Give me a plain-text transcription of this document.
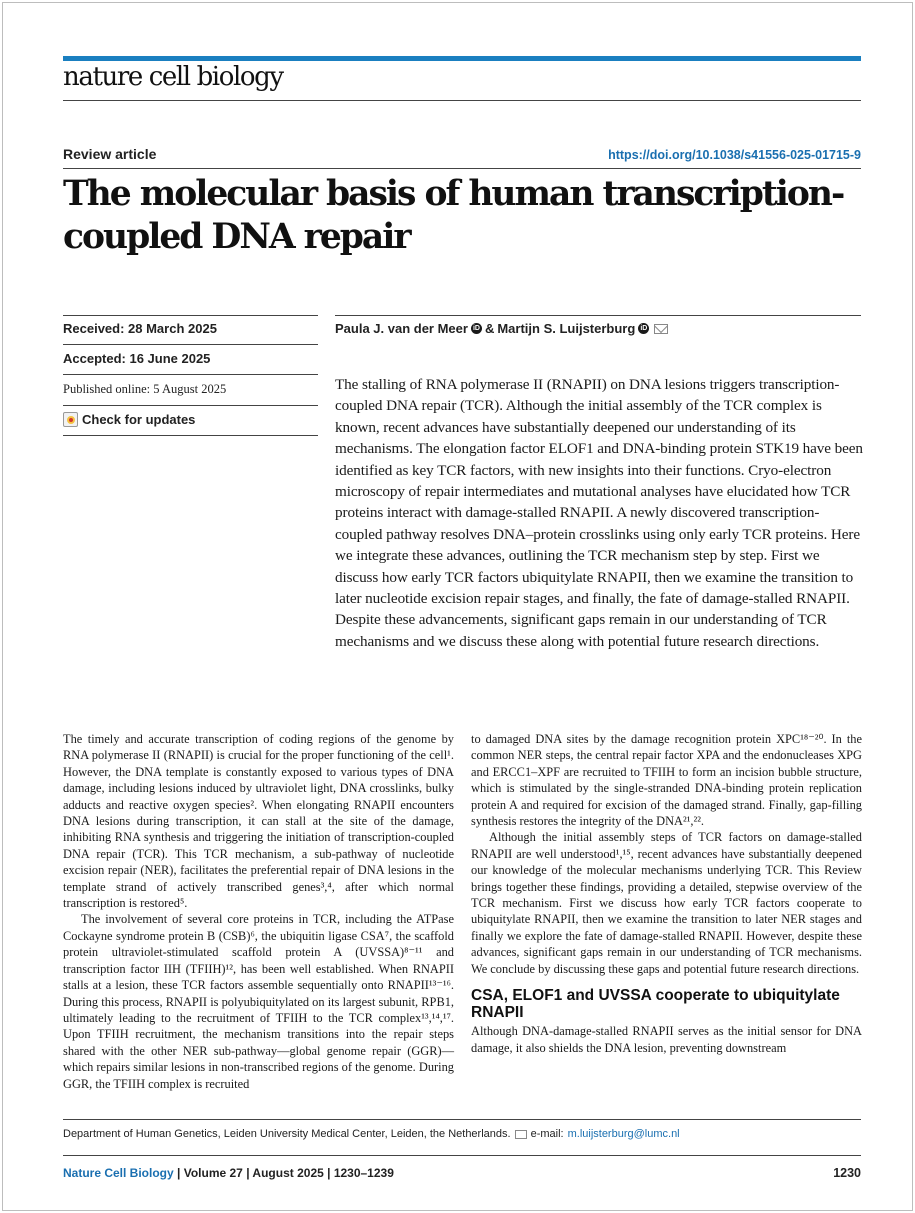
nature cell biology
Review article	https://doi.org/10.1038/s41556-025-01715-9
The molecular basis of human transcription-coupled DNA repair
Received: 28 March 2025
Accepted: 16 June 2025
Published online: 5 August 2025
Check for updates
Paula J. van der Meer iD & Martijn S. Luijsterburg iD
The stalling of RNA polymerase II (RNAPII) on DNA lesions triggers transcription-coupled DNA repair (TCR). Although the initial assembly of the TCR complex is known, recent advances have substantially deepened our understanding of its mechanisms. The elongation factor ELOF1 and DNA-binding protein STK19 have been identified as key TCR factors, with new insights into their functions. Cryo-electron microscopy of repair intermediates and mutational analyses have elucidated how TCR proteins interact with damage-stalled RNAPII. A newly discovered transcription-coupled pathway resolves DNA–protein crosslinks using only early TCR proteins. Here we integrate these advances, outlining the TCR mechanism step by step. First we discuss how early TCR factors ubiquitylate RNAPII, then we examine the transition to later nucleotide excision repair stages, and finally, the fate of damage-stalled RNAPII. Despite these advancements, significant gaps remain in our understanding of TCR mechanisms and we discuss these along with potential future research directions.

The timely and accurate transcription of coding regions of the genome by RNA polymerase II (RNAPII) is crucial for the proper functioning of the cell¹. However, the DNA template is constantly exposed to various types of DNA damage, including lesions induced by ultraviolet light, DNA crosslinks, bulky adducts and reactive oxygen species². When elongating RNAPII encounters DNA lesions during transcription, it can stall at the site of the damage, inhibiting RNA synthesis and triggering the initiation of transcription-coupled DNA repair (TCR). This TCR mechanism, a sub-pathway of nucleotide excision repair (NER), facilitates the preferential repair of DNA lesions in the template strand of actively transcribed genes³,⁴, after which normal transcription is restored⁵.

The involvement of several core proteins in TCR, including the ATPase Cockayne syndrome protein B (CSB)⁶, the ubiquitin ligase CSA⁷, the scaffold protein ultraviolet-stimulated scaffold protein A (UVSSA)⁸⁻¹¹ and transcription factor IIH (TFIIH)¹², has been well established. When RNAPII stalls at a lesion, these TCR factors assemble sequentially onto RNAPII¹³⁻¹⁶. During this process, RNAPII is polyubiquitylated on its largest subunit, RPB1, ultimately leading to the recruitment of TFIIH to the TCR complex¹³,¹⁴,¹⁷. Upon TFIIH recruitment, the mechanism transitions into the repair steps shared with the other NER sub-pathway—global genome repair (GGR)—which repairs similar lesions in non-transcribed regions of the genome. During GGR, the TFIIH complex is recruited

to damaged DNA sites by the damage recognition protein XPC¹⁸⁻²⁰. In the common NER steps, the central repair factor XPA and the endonucleases XPG and ERCC1–XPF are recruited to TFIIH to form an incision bubble structure, which is stimulated by the single-stranded DNA-binding protein replication protein A and required for excision of the damaged strand. Finally, gap-filling synthesis restores the integrity of the DNA²¹,²².

Although the initial assembly steps of TCR factors on damage-stalled RNAPII are well understood¹,¹⁵, recent advances have substantially deepened our knowledge of the molecular mechanisms underlying TCR. This Review brings together these findings, providing a detailed, stepwise overview of the TCR mechanism. First we discuss how early TCR factors cooperate to ubiquitylate RNAPII, then we examine the transition to later NER stages and finally we explore the fate of damage-stalled RNAPII. However, despite these advances, significant gaps remain in our understanding of TCR mechanisms. We conclude by discussing these gaps and potential future research directions.

CSA, ELOF1 and UVSSA cooperate to ubiquitylate RNAPII

Although DNA-damage-stalled RNAPII serves as the initial sensor for DNA damage, it also shields the DNA lesion, preventing downstream

Department of Human Genetics, Leiden University Medical Center, Leiden, the Netherlands. e-mail: m.luijsterburg@lumc.nl
Nature Cell Biology | Volume 27 | August 2025 | 1230–1239	1230
